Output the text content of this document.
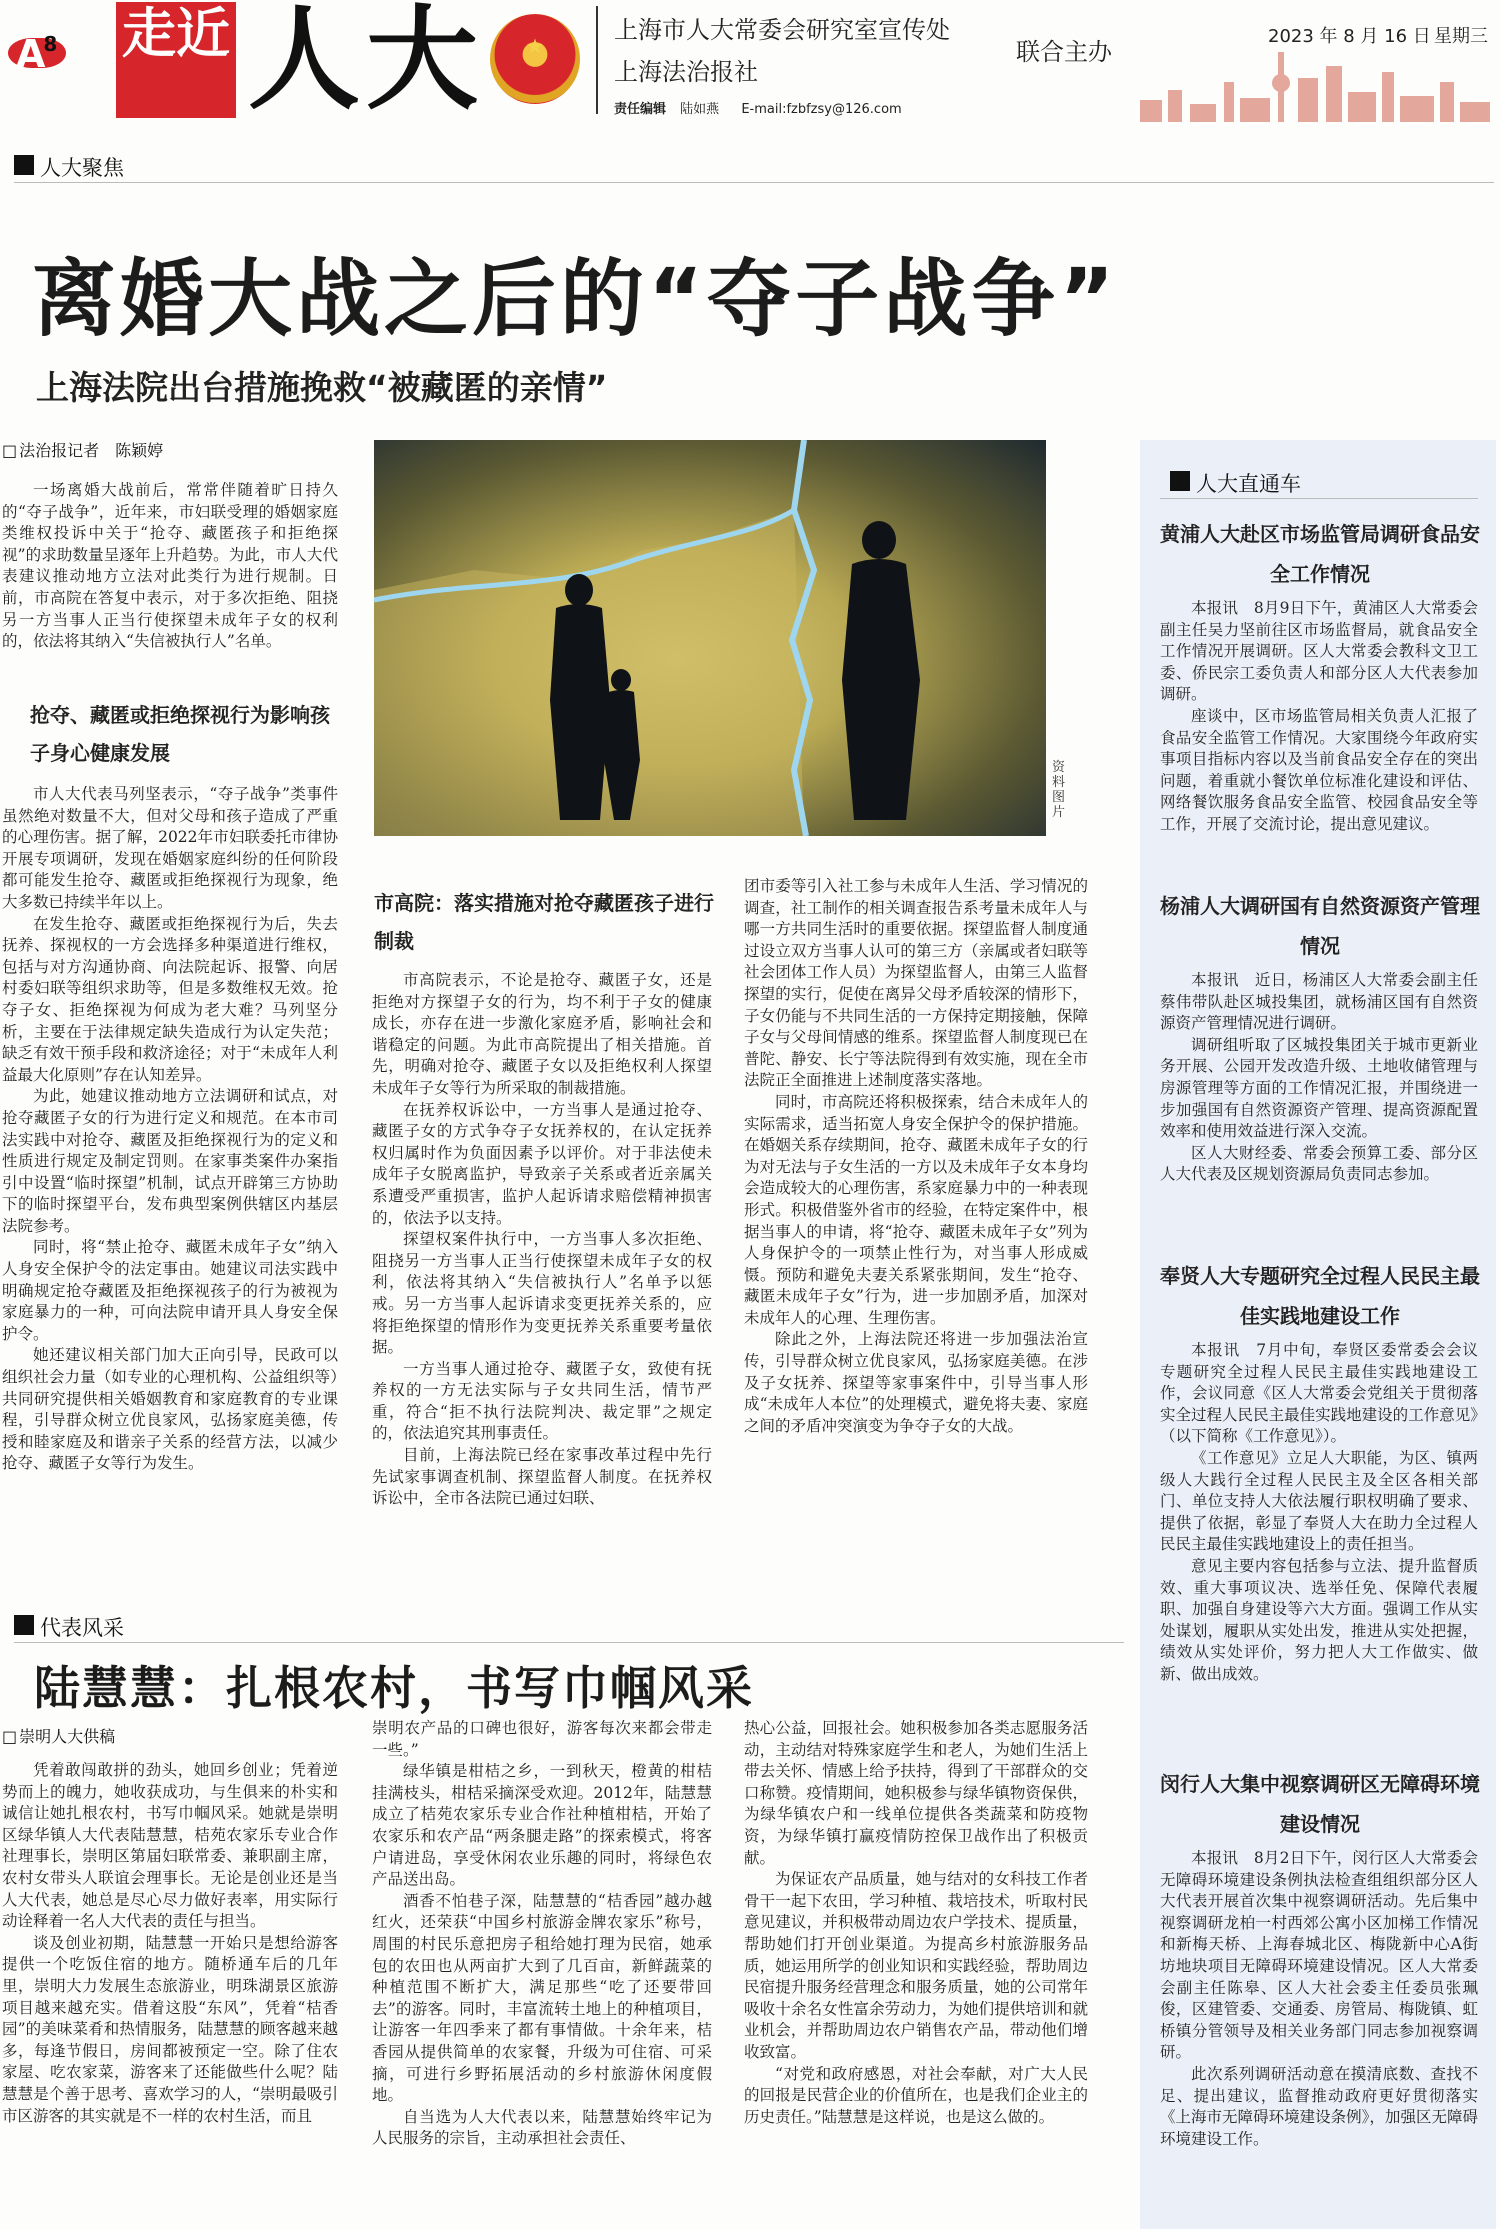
$A^8$ 走近 人大 ★
上海市人大常委会研究室宣传处
上海法治报社
联合主办
责任编辑 陆如燕 E-mail:fzbfzsy@126.com
2023 年 8 月 16 日 星期三
人大聚焦
离婚大战之后的“夺子战争”
上海法院出台措施挽救“被藏匿的亲情”
□ 法治报记者　陈颖婷
资料图片

一场离婚大战前后，常常伴随着旷日持久的“夺子战争”，近年来，市妇联受理的婚姻家庭类维权投诉中关于“抢夺、藏匿孩子和拒绝探视”的求助数量呈逐年上升趋势。为此，市人大代表建议推动地方立法对此类行为进行规制。日前，市高院在答复中表示，对于多次拒绝、阻挠另一方当事人正当行使探望未成年子女的权利的，依法将其纳入“失信被执行人”名单。

抢夺、藏匿或拒绝探视行为影响孩子身心健康发展

市人大代表马列坚表示，“夺子战争”类事件虽然绝对数量不大，但对父母和孩子造成了严重的心理伤害。据了解，2022年市妇联委托市律协开展专项调研，发现在婚姻家庭纠纷的任何阶段都可能发生抢夺、藏匿或拒绝探视行为现象，绝大多数已持续半年以上。

在发生抢夺、藏匿或拒绝探视行为后，失去抚养、探视权的一方会选择多种渠道进行维权，包括与对方沟通协商、向法院起诉、报警、向居村委妇联等组织求助等，但是多数维权无效。抢夺子女、拒绝探视为何成为老大难？马列坚分析，主要在于法律规定缺失造成行为认定失范；缺乏有效干预手段和救济途径；对于“未成年人利益最大化原则”存在认知差异。

为此，她建议推动地方立法调研和试点，对抢夺藏匿子女的行为进行定义和规范。在本市司法实践中对抢夺、藏匿及拒绝探视行为的定义和性质进行规定及制定罚则。在家事类案件办案指引中设置“临时探望”机制，试点开辟第三方协助下的临时探望平台，发布典型案例供辖区内基层法院参考。

同时，将“禁止抢夺、藏匿未成年子女”纳入人身安全保护令的法定事由。她建议司法实践中明确规定抢夺藏匿及拒绝探视孩子的行为被视为家庭暴力的一种，可向法院申请开具人身安全保护令。

她还建议相关部门加大正向引导，民政可以组织社会力量（如专业的心理机构、公益组织等）共同研究提供相关婚姻教育和家庭教育的专业课程，引导群众树立优良家风，弘扬家庭美德，传授和睦家庭及和谐亲子关系的经营方法，以减少抢夺、藏匿子女等行为发生。

市高院：落实措施对抢夺藏匿孩子进行制裁

市高院表示，不论是抢夺、藏匿子女，还是拒绝对方探望子女的行为，均不利于子女的健康成长，亦存在进一步激化家庭矛盾，影响社会和谐稳定的问题。为此市高院提出了相关措施。首先，明确对抢夺、藏匿子女以及拒绝权利人探望未成年子女等行为所采取的制裁措施。

在抚养权诉讼中，一方当事人是通过抢夺、藏匿子女的方式争夺子女抚养权的，在认定抚养权归属时作为负面因素予以评价。对于非法使未成年子女脱离监护，导致亲子关系或者近亲属关系遭受严重损害，监护人起诉请求赔偿精神损害的，依法予以支持。

探望权案件执行中，一方当事人多次拒绝、阻挠另一方当事人正当行使探望未成年子女的权利，依法将其纳入“失信被执行人”名单予以惩戒。另一方当事人起诉请求变更抚养关系的，应将拒绝探望的情形作为变更抚养关系重要考量依据。

一方当事人通过抢夺、藏匿子女，致使有抚养权的一方无法实际与子女共同生活，情节严重，符合“拒不执行法院判决、裁定罪”之规定的，依法追究其刑事责任。

目前，上海法院已经在家事改革过程中先行先试家事调查机制、探望监督人制度。在抚养权诉讼中，全市各法院已通过妇联、

团市委等引入社工参与未成年人生活、学习情况的调查，社工制作的相关调查报告系考量未成年人与哪一方共同生活时的重要依据。探望监督人制度通过设立双方当事人认可的第三方（亲属或者妇联等社会团体工作人员）为探望监督人，由第三人监督探望的实行，促使在离异父母矛盾较深的情形下，子女仍能与不共同生活的一方保持定期接触，保障子女与父母间情感的维系。探望监督人制度现已在普陀、静安、长宁等法院得到有效实施，现在全市法院正全面推进上述制度落实落地。

同时，市高院还将积极探索，结合未成年人的实际需求，适当拓宽人身安全保护令的保护措施。在婚姻关系存续期间，抢夺、藏匿未成年子女的行为对无法与子女生活的一方以及未成年子女本身均会造成较大的心理伤害，系家庭暴力中的一种表现形式。积极借鉴外省市的经验，在特定案件中，根据当事人的申请，将“抢夺、藏匿未成年子女”列为人身保护令的一项禁止性行为，对当事人形成威慑。预防和避免夫妻关系紧张期间，发生“抢夺、藏匿未成年子女”行为，进一步加剧矛盾，加深对未成年人的心理、生理伤害。

除此之外，上海法院还将进一步加强法治宣传，引导群众树立优良家风，弘扬家庭美德。在涉及子女抚养、探望等家事案件中，引导当事人形成“未成年人本位”的处理模式，避免将夫妻、家庭之间的矛盾冲突演变为争夺子女的大战。

人大直通车
黄浦人大赴区市场监管局调研食品安全工作情况

本报讯　8月9日下午，黄浦区人大常委会副主任吴力坚前往区市场监督局，就食品安全工作情况开展调研。区人大常委会教科文卫工委、侨民宗工委负责人和部分区人大代表参加调研。

座谈中，区市场监管局相关负责人汇报了食品安全监管工作情况。大家围绕今年政府实事项目指标内容以及当前食品安全存在的突出问题，着重就小餐饮单位标准化建设和评估、网络餐饮服务食品安全监管、校园食品安全等工作，开展了交流讨论，提出意见建议。

杨浦人大调研国有自然资源资产管理情况

本报讯　近日，杨浦区人大常委会副主任蔡伟带队赴区城投集团，就杨浦区国有自然资源资产管理情况进行调研。

调研组听取了区城投集团关于城市更新业务开展、公园开发改造升级、土地收储管理与房源管理等方面的工作情况汇报，并围绕进一步加强国有自然资源资产管理、提高资源配置效率和使用效益进行深入交流。

区人大财经委、常委会预算工委、部分区人大代表及区规划资源局负责同志参加。

奉贤人大专题研究全过程人民民主最佳实践地建设工作

本报讯　7月中旬，奉贤区委常委会会议专题研究全过程人民民主最佳实践地建设工作，会议同意《区人大常委会党组关于贯彻落实全过程人民民主最佳实践地建设的工作意见》（以下简称《工作意见》）。

《工作意见》立足人大职能，为区、镇两级人大践行全过程人民民主及全区各相关部门、单位支持人大依法履行职权明确了要求、提供了依据，彰显了奉贤人大在助力全过程人民民主最佳实践地建设上的责任担当。

意见主要内容包括参与立法、提升监督质效、重大事项议决、选举任免、保障代表履职、加强自身建设等六大方面。强调工作从实处谋划，履职从实处出发，推进从实处把握，绩效从实处评价，努力把人大工作做实、做新、做出成效。

闵行人大集中视察调研区无障碍环境建设情况

本报讯　8月2日下午，闵行区人大常委会无障碍环境建设条例执法检查组组织部分区人大代表开展首次集中视察调研活动。先后集中视察调研龙柏一村西郊公寓小区加梯工作情况和新梅天桥、上海春城北区、梅陇新中心A街坊地块项目无障碍环境建设情况。区人大常委会副主任陈皋、区人大社会委主任委员张珮俊，区建管委、交通委、房管局、梅陇镇、虹桥镇分管领导及相关业务部门同志参加视察调研。

此次系列调研活动意在摸清底数、查找不足、提出建议，监督推动政府更好贯彻落实《上海市无障碍环境建设条例》，加强区无障碍环境建设工作。

代表风采
陆慧慧：扎根农村，书写巾帼风采
□ 崇明人大供稿

凭着敢闯敢拼的劲头，她回乡创业；凭着逆势而上的魄力，她收获成功，与生俱来的朴实和诚信让她扎根农村，书写巾帼风采。她就是崇明区绿华镇人大代表陆慧慧，桔苑农家乐专业合作社理事长，崇明区第届妇联常委、兼职副主席，农村女带头人联谊会理事长。无论是创业还是当人大代表，她总是尽心尽力做好表率，用实际行动诠释着一名人大代表的责任与担当。

谈及创业初期，陆慧慧一开始只是想给游客提供一个吃饭住宿的地方。随桥通车后的几年里，崇明大力发展生态旅游业，明珠湖景区旅游项目越来越充实。借着这股“东风”，凭着“桔香园”的美味菜肴和热情服务，陆慧慧的顾客越来越多，每逢节假日，房间都被预定一空。除了住农家屋、吃农家菜，游客来了还能做些什么呢？陆慧慧是个善于思考、喜欢学习的人，“崇明最吸引市区游客的其实就是不一样的农村生活，而且

崇明农产品的口碑也很好，游客每次来都会带走一些。”

绿华镇是柑桔之乡，一到秋天，橙黄的柑桔挂满枝头，柑桔采摘深受欢迎。2012年，陆慧慧成立了桔苑农家乐专业合作社种植柑桔，开始了农家乐和农产品“两条腿走路”的探索模式，将客户请进岛，享受休闲农业乐趣的同时，将绿色农产品送出岛。

酒香不怕巷子深，陆慧慧的“桔香园”越办越红火，还荣获“中国乡村旅游金牌农家乐”称号，周围的村民乐意把房子租给她打理为民宿，她承包的农田也从两亩扩大到了几百亩，新鲜蔬菜的种植范围不断扩大，满足那些“吃了还要带回去”的游客。同时，丰富流转土地上的种植项目，让游客一年四季来了都有事情做。十余年来，桔香园从提供简单的农家餐，升级为可住宿、可采摘，可进行乡野拓展活动的乡村旅游休闲度假地。

自当选为人大代表以来，陆慧慧始终牢记为人民服务的宗旨，主动承担社会责任、

热心公益，回报社会。她积极参加各类志愿服务活动，主动结对特殊家庭学生和老人，为她们生活上带去关怀、情感上给予扶持，得到了干部群众的交口称赞。疫情期间，她积极参与绿华镇物资保供，为绿华镇农户和一线单位提供各类蔬菜和防疫物资，为绿华镇打赢疫情防控保卫战作出了积极贡献。

为保证农产品质量，她与结对的女科技工作者骨干一起下农田，学习种植、栽培技术，听取村民意见建议，并积极带动周边农户学技术、提质量，帮助她们打开创业渠道。为提高乡村旅游服务品质，她运用所学的创业知识和实践经验，帮助周边民宿提升服务经营理念和服务质量，她的公司常年吸收十余名女性富余劳动力，为她们提供培训和就业机会，并帮助周边农户销售农产品，带动他们增收致富。

“对党和政府感恩，对社会奉献，对广大人民的回报是民营企业的价值所在，也是我们企业主的历史责任。”陆慧慧是这样说，也是这么做的。
